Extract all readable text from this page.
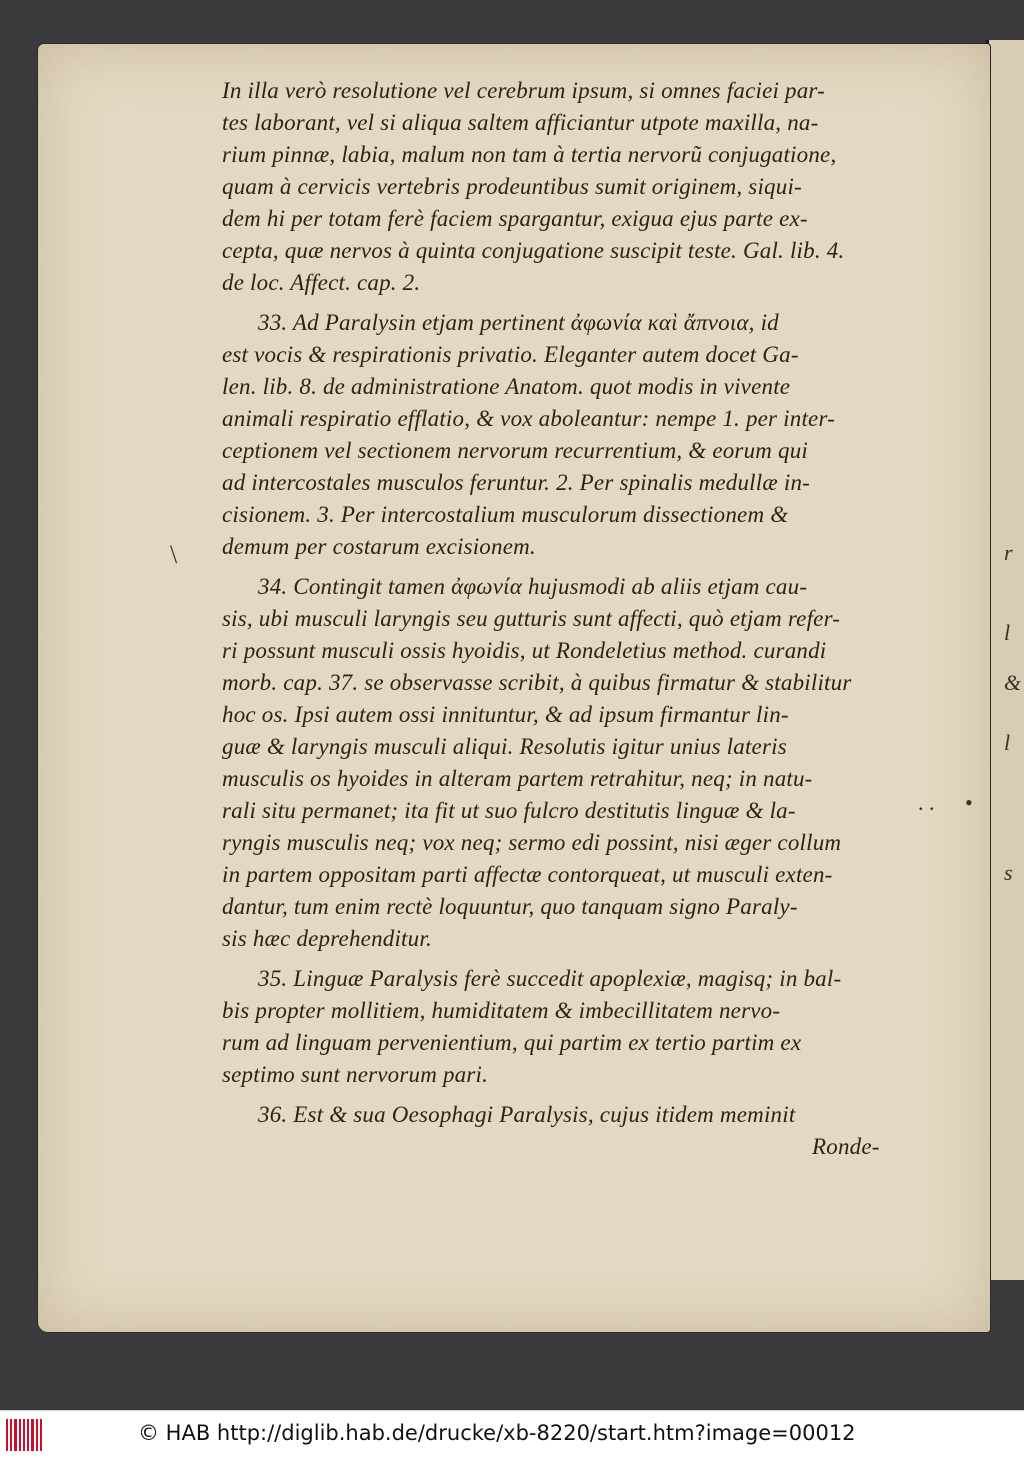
r
l
&
l
s
\
. . •
In illa verò resolutione vel cerebrum ipsum, si omnes faciei par-
tes laborant, vel si aliqua saltem afficiantur utpote maxilla, na-
rium pinnæ, labia, malum non tam à tertia nervorũ conjugatione,
quam à cervicis vertebris prodeuntibus sumit originem, siqui-
dem hi per totam ferè faciem spargantur, exigua ejus parte ex-
cepta, quæ nervos à quinta conjugatione suscipit teste. Gal. lib. 4.
de loc. Affect. cap. 2.
33. Ad Paralysin etjam pertinent ἀφωνία καὶ ἄπνοια, id
est vocis & respirationis privatio. Eleganter autem docet Ga-
len. lib. 8. de administratione Anatom. quot modis in vivente
animali respiratio efflatio, & vox aboleantur: nempe 1. per inter-
ceptionem vel sectionem nervorum recurrentium, & eorum qui
ad intercostales musculos feruntur. 2. Per spinalis medullæ in-
cisionem. 3. Per intercostalium musculorum dissectionem &
demum per costarum excisionem.
34. Contingit tamen ἀφωνία hujusmodi ab aliis etjam cau-
sis, ubi musculi laryngis seu gutturis sunt affecti, quò etjam refer-
ri possunt musculi ossis hyoidis, ut Rondeletius method. curandi
morb. cap. 37. se observasse scribit, à quibus firmatur & stabilitur
hoc os. Ipsi autem ossi innituntur, & ad ipsum firmantur lin-
guæ & laryngis musculi aliqui. Resolutis igitur unius lateris
musculis os hyoides in alteram partem retrahitur, neq; in natu-
rali situ permanet; ita fit ut suo fulcro destitutis linguæ & la-
ryngis musculis neq; vox neq; sermo edi possint, nisi æger collum
in partem oppositam parti affectæ contorqueat, ut musculi exten-
dantur, tum enim rectè loquuntur, quo tanquam signo Paraly-
sis hæc deprehenditur.
35. Linguæ Paralysis ferè succedit apoplexiæ, magisq; in bal-
bis propter mollitiem, humiditatem & imbecillitatem nervo-
rum ad linguam pervenientium, qui partim ex tertio partim ex
septimo sunt nervorum pari.
36. Est & sua Oesophagi Paralysis, cujus itidem meminit
Ronde-
© HAB http://diglib.hab.de/drucke/xb-8220/start.htm?image=00012
